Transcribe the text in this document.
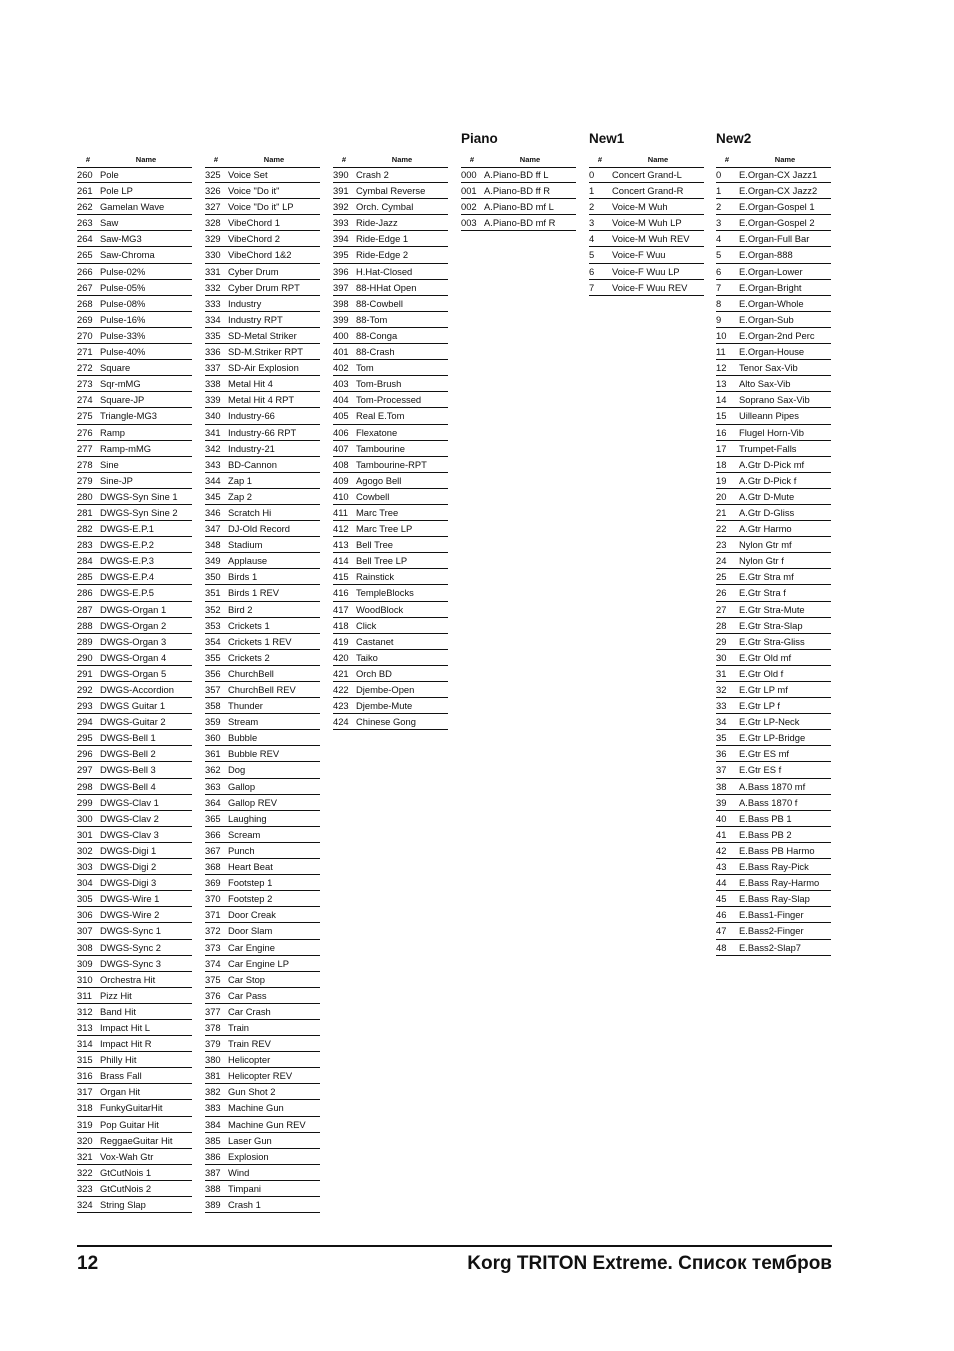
#	Name
260 Pole
261 Pole LP
262 Gamelan Wave
263 Saw
264 Saw-MG3
265 Saw-Chroma
266 Pulse-02%
267 Pulse-05%
268 Pulse-08%
269 Pulse-16%
270 Pulse-33%
271 Pulse-40%
272 Square
273 Sqr-mMG
274 Square-JP
275 Triangle-MG3
276 Ramp
277 Ramp-mMG
278 Sine
279 Sine-JP
280 DWGS-Syn Sine 1
281 DWGS-Syn Sine 2
282 DWGS-E.P.1
283 DWGS-E.P.2
284 DWGS-E.P.3
285 DWGS-E.P.4
286 DWGS-E.P.5
287 DWGS-Organ 1
288 DWGS-Organ 2
289 DWGS-Organ 3
290 DWGS-Organ 4
291 DWGS-Organ 5
292 DWGS-Accordion
293 DWGS Guitar 1
294 DWGS-Guitar 2
295 DWGS-Bell 1
296 DWGS-Bell 2
297 DWGS-Bell 3
298 DWGS-Bell 4
299 DWGS-Clav 1
300 DWGS-Clav 2
301 DWGS-Clav 3
302 DWGS-Digi 1
303 DWGS-Digi 2
304 DWGS-Digi 3
305 DWGS-Wire 1
306 DWGS-Wire 2
307 DWGS-Sync 1
308 DWGS-Sync 2
309 DWGS-Sync 3
310 Orchestra Hit
311 Pizz Hit
312 Band Hit
313 Impact Hit L
314 Impact Hit R
315 Philly Hit
316 Brass Fall
317 Organ Hit
318 FunkyGuitarHit
319 Pop Guitar Hit
320 ReggaeGuitar Hit
321 Vox-Wah Gtr
322 GtCutNois 1
323 GtCutNois 2
324 String Slap
#	Name
325 Voice Set
326 Voice "Do it"
327 Voice "Do it" LP
328 VibeChord 1
329 VibeChord 2
330 VibeChord 1&2
331 Cyber Drum
332 Cyber Drum RPT
333 Industry
334 Industry RPT
335 SD-Metal Striker
336 SD-M.Striker RPT
337 SD-Air Explosion
338 Metal Hit 4
339 Metal Hit 4 RPT
340 Industry-66
341 Industry-66 RPT
342 Industry-21
343 BD-Cannon
344 Zap 1
345 Zap 2
346 Scratch Hi
347 DJ-Old Record
348 Stadium
349 Applause
350 Birds 1
351 Birds 1 REV
352 Bird 2
353 Crickets 1
354 Crickets 1 REV
355 Crickets 2
356 ChurchBell
357 ChurchBell REV
358 Thunder
359 Stream
360 Bubble
361 Bubble REV
362 Dog
363 Gallop
364 Gallop REV
365 Laughing
366 Scream
367 Punch
368 Heart Beat
369 Footstep 1
370 Footstep 2
371 Door Creak
372 Door Slam
373 Car Engine
374 Car Engine LP
375 Car Stop
376 Car Pass
377 Car Crash
378 Train
379 Train REV
380 Helicopter
381 Helicopter REV
382 Gun Shot 2
383 Machine Gun
384 Machine Gun REV
385 Laser Gun
386 Explosion
387 Wind
388 Timpani
389 Crash 1
#	Name
390 Crash 2
391 Cymbal Reverse
392 Orch. Cymbal
393 Ride-Jazz
394 Ride-Edge 1
395 Ride-Edge 2
396 H.Hat-Closed
397 88-HHat Open
398 88-Cowbell
399 88-Tom
400 88-Conga
401 88-Crash
402 Tom
403 Tom-Brush
404 Tom-Processed
405 Real E.Tom
406 Flexatone
407 Tambourine
408 Tambourine-RPT
409 Agogo Bell
410 Cowbell
411 Marc Tree
412 Marc Tree LP
413 Bell Tree
414 Bell Tree LP
415 Rainstick
416 TempleBlocks
417 WoodBlock
418 Click
419 Castanet
420 Taiko
421 Orch BD
422 Djembe-Open
423 Djembe-Mute
424 Chinese Gong
Piano
#	Name
000 A.Piano-BD ff L
001 A.Piano-BD ff R
002 A.Piano-BD mf L
003 A.Piano-BD mf R
New1
#	Name
0 Concert Grand-L
1 Concert Grand-R
2 Voice-M Wuh
3 Voice-M Wuh LP
4 Voice-M Wuh REV
5 Voice-F Wuu
6 Voice-F Wuu LP
7 Voice-F Wuu REV
New2
#	Name
0 E.Organ-CX Jazz1
1 E.Organ-CX Jazz2
2 E.Organ-Gospel 1
3 E.Organ-Gospel 2
4 E.Organ-Full Bar
5 E.Organ-888
6 E.Organ-Lower
7 E.Organ-Bright
8 E.Organ-Whole
9 E.Organ-Sub
10 E.Organ-2nd Perc
11 E.Organ-House
12 Tenor Sax-Vib
13 Alto Sax-Vib
14 Soprano Sax-Vib
15 Uilleann Pipes
16 Flugel Horn-Vib
17 Trumpet-Falls
18 A.Gtr D-Pick mf
19 A.Gtr D-Pick f
20 A.Gtr D-Mute
21 A.Gtr D-Gliss
22 A.Gtr Harmo
23 Nylon Gtr mf
24 Nylon Gtr f
25 E.Gtr Stra mf
26 E.Gtr Stra f
27 E.Gtr Stra-Mute
28 E.Gtr Stra-Slap
29 E.Gtr Stra-Gliss
30 E.Gtr Old mf
31 E.Gtr Old f
32 E.Gtr LP mf
33 E.Gtr LP f
34 E.Gtr LP-Neck
35 E.Gtr LP-Bridge
36 E.Gtr ES mf
37 E.Gtr ES f
38 A.Bass 1870 mf
39 A.Bass 1870 f
40 E.Bass PB 1
41 E.Bass PB 2
42 E.Bass PB Harmo
43 E.Bass Ray-Pick
44 E.Bass Ray-Harmo
45 E.Bass Ray-Slap
46 E.Bass1-Finger
47 E.Bass2-Finger
48 E.Bass2-Slap7
12	Korg TRITON Extreme. Список тембров
